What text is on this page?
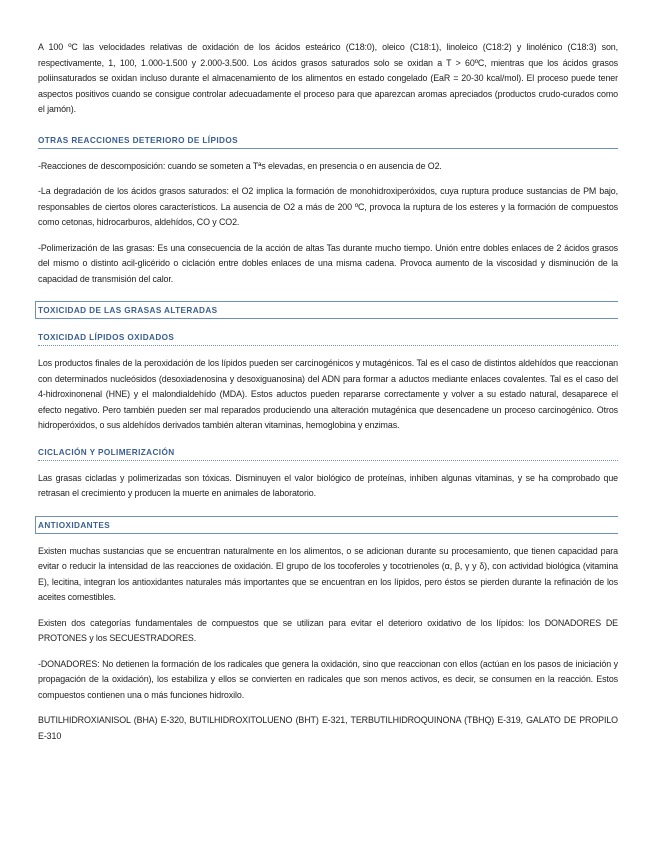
A 100 ºC las velocidades relativas de oxidación de los ácidos esteárico (C18:0), oleico (C18:1), linoleico (C18:2) y linolénico (C18:3) son, respectivamente, 1, 100, 1.000-1.500 y 2.000-3.500. Los ácidos grasos saturados solo se oxidan a T > 60ºC, mientras que los ácidos grasos poliinsaturados se oxidan incluso durante el almacenamiento de los alimentos en estado congelado (EaR = 20-30 kcal/mol). El proceso puede tener aspectos positivos cuando se consigue controlar adecuadamente el proceso para que aparezcan aromas apreciados (productos crudo-curados como el jamón).

OTRAS REACCIONES DETERIORO DE LÍPIDOS

-Reacciones de descomposición: cuando se someten a Tªs elevadas, en presencia o en ausencia de O2.

-La degradación de los ácidos grasos saturados: el O2 implica la formación de monohidroxiperóxidos, cuya ruptura produce sustancias de PM bajo, responsables de ciertos olores característicos. La ausencia de O2 a más de 200 ºC, provoca la ruptura de los esteres y la formación de compuestos como cetonas, hidrocarburos, aldehídos, CO y CO2.

-Polimerización de las grasas: Es una consecuencia de la acción de altas Tas durante mucho tiempo. Unión entre dobles enlaces de 2 ácidos grasos del mismo o distinto acil-glicérido o ciclación entre dobles enlaces de una misma cadena. Provoca aumento de la viscosidad y disminución de la capacidad de transmisión del calor.

TOXICIDAD DE LAS GRASAS ALTERADAS
TOXICIDAD LÍPIDOS OXIDADOS

Los productos finales de la peroxidación de los lípidos pueden ser carcinogénicos y mutagénicos. Tal es el caso de distintos aldehídos que reaccionan con determinados nucleósidos (desoxiadenosina y desoxiguanosina) del ADN para formar a aductos mediante enlaces covalentes. Tal es el caso del 4-hidroxinonenal (HNE) y el malondialdehído (MDA). Estos aductos pueden repararse correctamente y volver a su estado natural, desaparece el efecto negativo. Pero también pueden ser mal reparados produciendo una alteración mutagénica que desencadene un proceso carcinogénico. Otros hidroperóxidos, o sus aldehídos derivados también alteran vitaminas, hemoglobina y enzimas.

CICLACIÓN Y POLIMERIZACIÓN

Las grasas cicladas y polimerizadas son tóxicas. Disminuyen el valor biológico de proteínas, inhiben algunas vitaminas, y se ha comprobado que retrasan el crecimiento y producen la muerte en animales de laboratorio.

ANTIOXIDANTES

Existen muchas sustancias que se encuentran naturalmente en los alimentos, o se adicionan durante su procesamiento, que tienen capacidad para evitar o reducir la intensidad de las reacciones de oxidación. El grupo de los tocoferoles y tocotrienoles (α, β, γ y δ), con actividad biológica (vitamina E), lecitina, integran los antioxidantes naturales más importantes que se encuentran en los lípidos, pero éstos se pierden durante la refinación de los aceites comestibles.

Existen dos categorías fundamentales de compuestos que se utilizan para evitar el deterioro oxidativo de los lípidos: los DONADORES DE PROTONES y los SECUESTRADORES.

-DONADORES: No detienen la formación de los radicales que genera la oxidación, sino que reaccionan con ellos (actúan en los pasos de iniciación y propagación de la oxidación), los estabiliza y ellos se convierten en radicales que son menos activos, es decir, se consumen en la reacción. Estos compuestos contienen una o más funciones hidroxilo.

BUTILHIDROXIANISOL (BHA) E-320, BUTILHIDROXITOLUENO (BHT) E-321, TERBUTILHIDROQUINONA (TBHQ) E-319, GALATO DE PROPILO E-310
